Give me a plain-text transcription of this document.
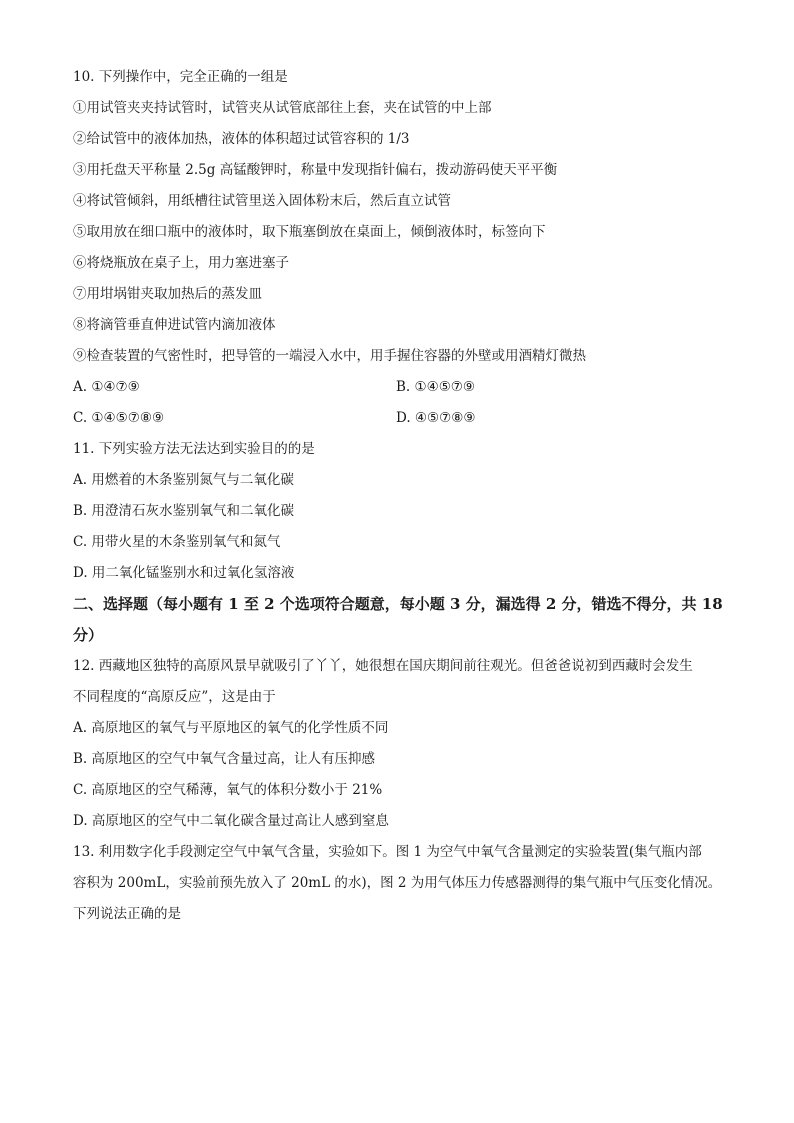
10. 下列操作中，完全正确的一组是
①用试管夹夹持试管时，试管夹从试管底部往上套，夹在试管的中上部
②给试管中的液体加热，液体的体积超过试管容积的 1/3
③用托盘天平称量 2.5g 高锰酸钾时，称量中发现指针偏右，拨动游码使天平平衡
④将试管倾斜，用纸槽往试管里送入固体粉末后，然后直立试管
⑤取用放在细口瓶中的液体时，取下瓶塞倒放在桌面上，倾倒液体时，标签向下
⑥将烧瓶放在桌子上，用力塞进塞子
⑦用坩埚钳夹取加热后的蒸发皿
⑧将滴管垂直伸进试管内滴加液体
⑨检查装置的气密性时，把导管的一端浸入水中，用手握住容器的外壁或用酒精灯微热
A. ①④⑦⑨	B. ①④⑤⑦⑨
C. ①④⑤⑦⑧⑨	D. ④⑤⑦⑧⑨
11. 下列实验方法无法达到实验目的的是
A. 用燃着的木条鉴别氮气与二氧化碳
B. 用澄清石灰水鉴别氧气和二氧化碳
C. 用带火星的木条鉴别氧气和氮气
D. 用二氧化锰鉴别水和过氧化氢溶液
二、选择题（每小题有 1 至 2 个选项符合题意，每小题 3 分，漏选得 2 分，错选不得分，共 18
分）
12. 西藏地区独特的高原风景早就吸引了丫丫，她很想在国庆期间前往观光。但爸爸说初到西藏时会发生
不同程度的“高原反应”，这是由于
A. 高原地区的氧气与平原地区的氧气的化学性质不同
B. 高原地区的空气中氧气含量过高，让人有压抑感
C. 高原地区的空气稀薄，氧气的体积分数小于 21%
D. 高原地区的空气中二氧化碳含量过高让人感到窒息
13. 利用数字化手段测定空气中氧气含量，实验如下。图 1 为空气中氧气含量测定的实验装置(集气瓶内部
容积为 200mL，实验前预先放入了 20mL 的水)，图 2 为用气体压力传感器测得的集气瓶中气压变化情况。
下列说法正确的是
